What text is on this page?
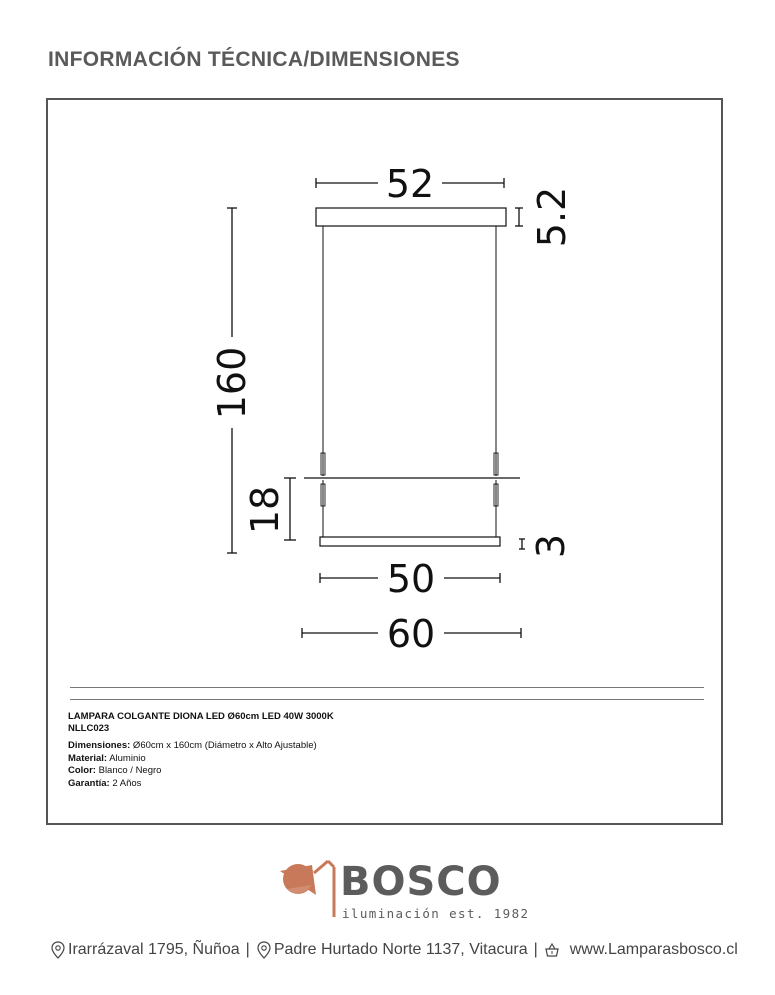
INFORMACIÓN TÉCNICA/DIMENSIONES
52
5.2
160
18
3
50
60
LAMPARA COLGANTE DIONA LED Ø60cm LED 40W 3000K
NLLC023
Dimensiones: Ø60cm x 160cm (Diámetro x Alto Ajustable)
Material: Aluminio
Color: Blanco / Negro
Garantía: 2 Años
BOSCO
iluminación est. 1982
Irarrázaval 1795, Ñuñoa | Padre Hurtado Norte 1137, Vitacura | www.Lamparasbosco.cl
